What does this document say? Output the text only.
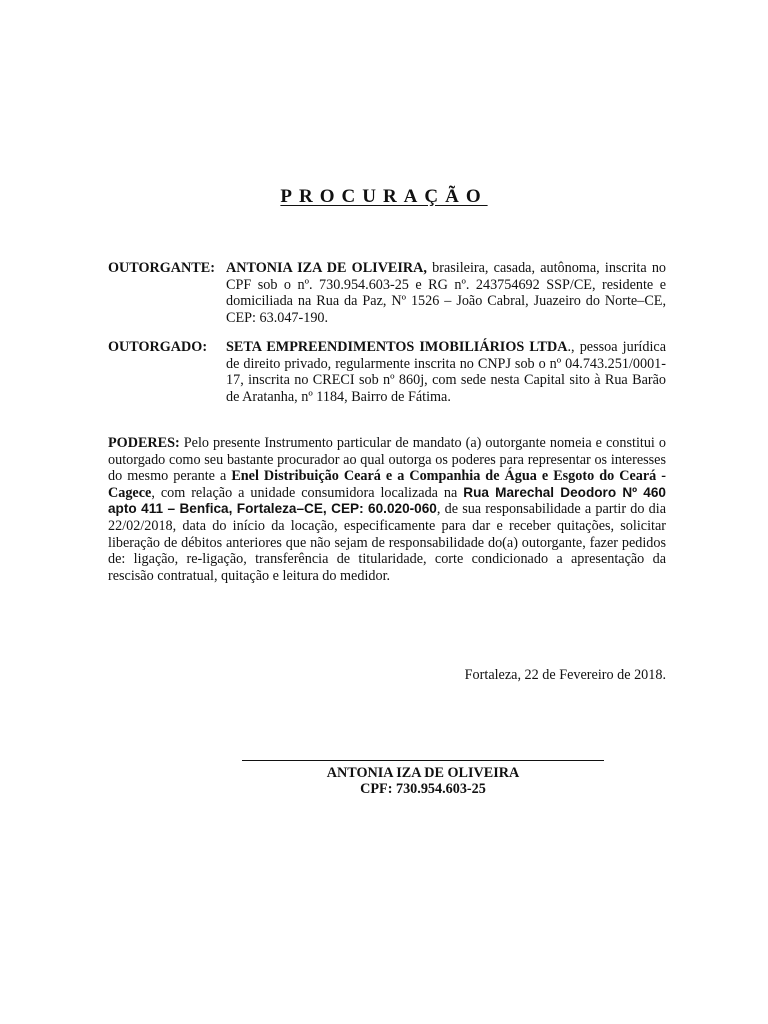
PROCURAÇÃO
OUTORGANTE: ANTONIA IZA DE OLIVEIRA, brasileira, casada, autônoma, inscrita no CPF sob o nº. 730.954.603-25 e RG nº. 243754692 SSP/CE, residente e domiciliada na Rua da Paz, Nº 1526 – João Cabral, Juazeiro do Norte–CE, CEP: 63.047-190.
OUTORGADO: SETA EMPREENDIMENTOS IMOBILIÁRIOS LTDA., pessoa jurídica de direito privado, regularmente inscrita no CNPJ sob o nº 04.743.251/0001-17, inscrita no CRECI sob nº 860j, com sede nesta Capital sito à Rua Barão de Aratanha, nº 1184, Bairro de Fátima.
PODERES: Pelo presente Instrumento particular de mandato (a) outorgante nomeia e constitui o outorgado como seu bastante procurador ao qual outorga os poderes para representar os interesses do mesmo perante a Enel Distribuição Ceará e a Companhia de Água e Esgoto do Ceará - Cagece, com relação a unidade consumidora localizada na Rua Marechal Deodoro Nº 460 apto 411 – Benfica, Fortaleza–CE, CEP: 60.020-060, de sua responsabilidade a partir do dia 22/02/2018, data do início da locação, especificamente para dar e receber quitações, solicitar liberação de débitos anteriores que não sejam de responsabilidade do(a) outorgante, fazer pedidos de: ligação, re-ligação, transferência de titularidade, corte condicionado a apresentação da rescisão contratual, quitação e leitura do medidor.
Fortaleza, 22 de Fevereiro de 2018.
ANTONIA IZA DE OLIVEIRA
CPF: 730.954.603-25
